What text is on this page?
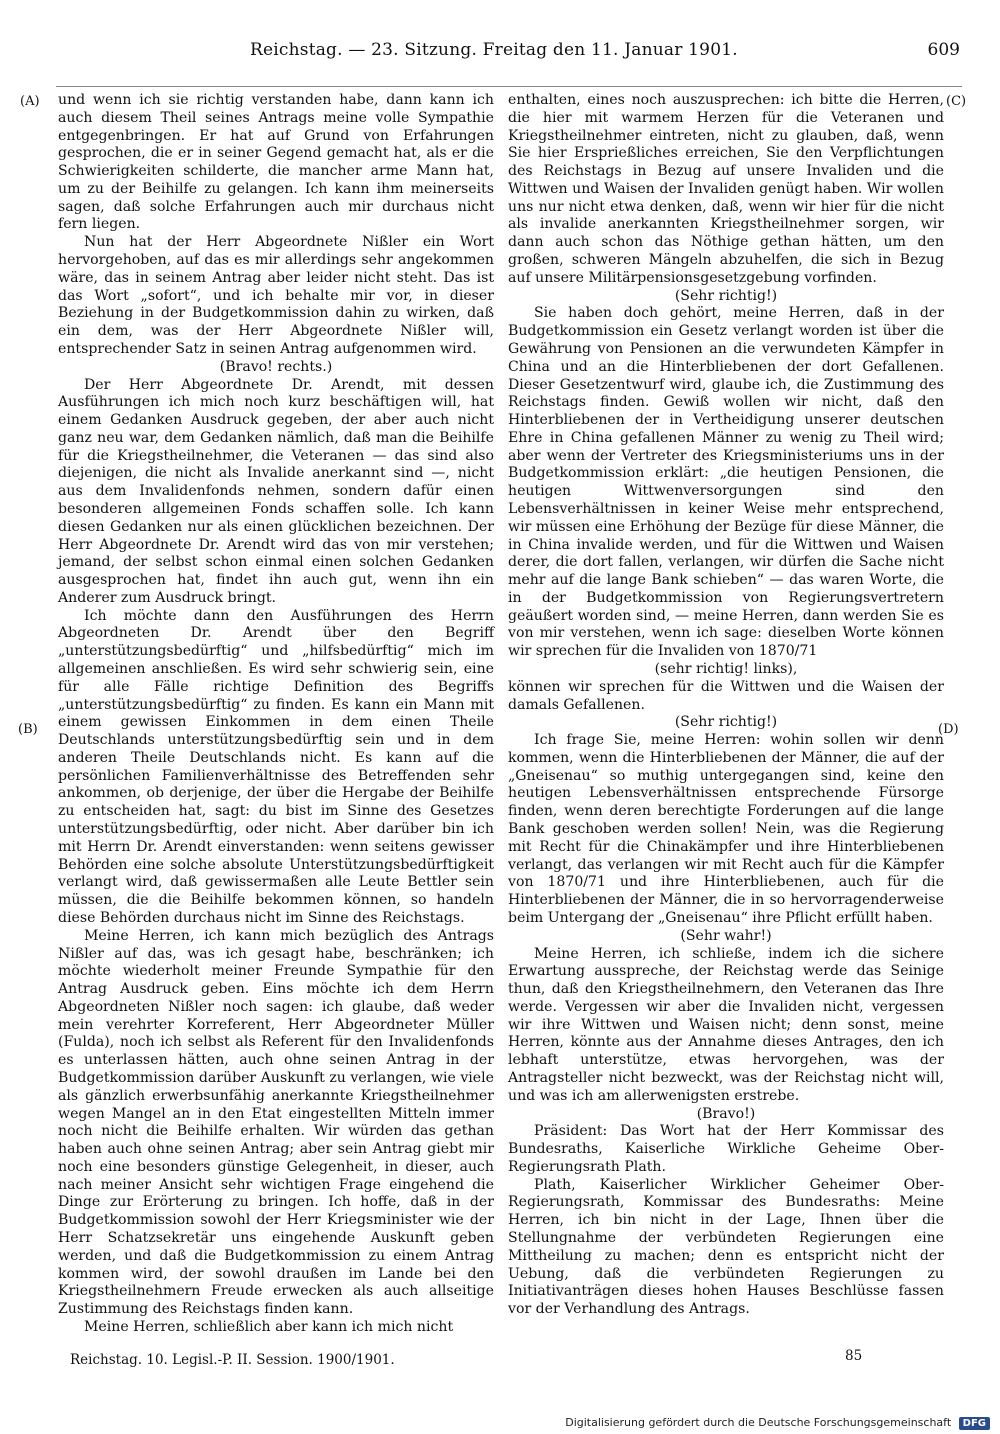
Reichstag. — 23. Sitzung. Freitag den 11. Januar 1901.	609
(A)
(B)
(C)
(D)

und wenn ich sie richtig verstanden habe, dann kann ich auch diesem Theil seines Antrags meine volle Sympathie entgegenbringen. Er hat auf Grund von Erfahrungen gesprochen, die er in seiner Gegend gemacht hat, als er die Schwierigkeiten schilderte, die mancher arme Mann hat, um zu der Beihilfe zu gelangen. Ich kann ihm meinerseits sagen, daß solche Erfahrungen auch mir durchaus nicht fern liegen.

Nun hat der Herr Abgeordnete Nißler ein Wort hervorgehoben, auf das es mir allerdings sehr angekommen wäre, das in seinem Antrag aber leider nicht steht. Das ist das Wort „sofort“, und ich behalte mir vor, in dieser Beziehung in der Budgetkommission dahin zu wirken, daß ein dem, was der Herr Abgeordnete Nißler will, entsprechender Satz in seinen Antrag aufgenommen wird.

(Bravo! rechts.)

Der Herr Abgeordnete Dr. Arendt, mit dessen Ausführungen ich mich noch kurz beschäftigen will, hat einem Gedanken Ausdruck gegeben, der aber auch nicht ganz neu war, dem Gedanken nämlich, daß man die Beihilfe für die Kriegstheilnehmer, die Veteranen — das sind also diejenigen, die nicht als Invalide anerkannt sind —, nicht aus dem Invalidenfonds nehmen, sondern dafür einen besonderen allgemeinen Fonds schaffen solle. Ich kann diesen Gedanken nur als einen glücklichen bezeichnen. Der Herr Abgeordnete Dr. Arendt wird das von mir verstehen; jemand, der selbst schon einmal einen solchen Gedanken ausgesprochen hat, findet ihn auch gut, wenn ihn ein Anderer zum Ausdruck bringt.

Ich möchte dann den Ausführungen des Herrn Abgeordneten Dr. Arendt über den Begriff „unterstützungsbedürftig“ und „hilfsbedürftig“ mich im allgemeinen anschließen. Es wird sehr schwierig sein, eine für alle Fälle richtige Definition des Begriffs „unterstützungsbedürftig“ zu finden. Es kann ein Mann mit einem gewissen Einkommen in dem einen Theile Deutschlands unterstützungsbedürftig sein und in dem anderen Theile Deutschlands nicht. Es kann auf die persönlichen Familienverhältnisse des Betreffenden sehr ankommen, ob derjenige, der über die Hergabe der Beihilfe zu entscheiden hat, sagt: du bist im Sinne des Gesetzes unterstützungsbedürftig, oder nicht. Aber darüber bin ich mit Herrn Dr. Arendt einverstanden: wenn seitens gewisser Behörden eine solche absolute Unterstützungsbedürftigkeit verlangt wird, daß gewissermaßen alle Leute Bettler sein müssen, die die Beihilfe bekommen können, so handeln diese Behörden durchaus nicht im Sinne des Reichstags.

Meine Herren, ich kann mich bezüglich des Antrags Nißler auf das, was ich gesagt habe, beschränken; ich möchte wiederholt meiner Freunde Sympathie für den Antrag Ausdruck geben. Eins möchte ich dem Herrn Abgeordneten Nißler noch sagen: ich glaube, daß weder mein verehrter Korreferent, Herr Abgeordneter Müller (Fulda), noch ich selbst als Referent für den Invalidenfonds es unterlassen hätten, auch ohne seinen Antrag in der Budgetkommission darüber Auskunft zu verlangen, wie viele als gänzlich erwerbsunfähig anerkannte Kriegstheilnehmer wegen Mangel an in den Etat eingestellten Mitteln immer noch nicht die Beihilfe erhalten. Wir würden das gethan haben auch ohne seinen Antrag; aber sein Antrag giebt mir noch eine besonders günstige Gelegenheit, in dieser, auch nach meiner Ansicht sehr wichtigen Frage eingehend die Dinge zur Erörterung zu bringen. Ich hoffe, daß in der Budgetkommission sowohl der Herr Kriegsminister wie der Herr Schatzsekretär uns eingehende Auskunft geben werden, und daß die Budgetkommission zu einem Antrag kommen wird, der sowohl draußen im Lande bei den Kriegstheilnehmern Freude erwecken als auch allseitige Zustimmung des Reichstags finden kann.

Meine Herren, schließlich aber kann ich mich nicht

enthalten, eines noch auszusprechen: ich bitte die Herren, die hier mit warmem Herzen für die Veteranen und Kriegstheilnehmer eintreten, nicht zu glauben, daß, wenn Sie hier Ersprießliches erreichen, Sie den Verpflichtungen des Reichstags in Bezug auf unsere Invaliden und die Wittwen und Waisen der Invaliden genügt haben. Wir wollen uns nur nicht etwa denken, daß, wenn wir hier für die nicht als invalide anerkannten Kriegstheilnehmer sorgen, wir dann auch schon das Nöthige gethan hätten, um den großen, schweren Mängeln abzuhelfen, die sich in Bezug auf unsere Militärpensionsgesetzgebung vorfinden.

(Sehr richtig!)

Sie haben doch gehört, meine Herren, daß in der Budgetkommission ein Gesetz verlangt worden ist über die Gewährung von Pensionen an die verwundeten Kämpfer in China und an die Hinterbliebenen der dort Gefallenen. Dieser Gesetzentwurf wird, glaube ich, die Zustimmung des Reichstags finden. Gewiß wollen wir nicht, daß den Hinterbliebenen der in Vertheidigung unserer deutschen Ehre in China gefallenen Männer zu wenig zu Theil wird; aber wenn der Vertreter des Kriegsministeriums uns in der Budgetkommission erklärt: „die heutigen Pensionen, die heutigen Wittwenversorgungen sind den Lebensverhältnissen in keiner Weise mehr entsprechend, wir müssen eine Erhöhung der Bezüge für diese Männer, die in China invalide werden, und für die Wittwen und Waisen derer, die dort fallen, verlangen, wir dürfen die Sache nicht mehr auf die lange Bank schieben“ — das waren Worte, die in der Budgetkommission von Regierungsvertretern geäußert worden sind, — meine Herren, dann werden Sie es von mir verstehen, wenn ich sage: dieselben Worte können wir sprechen für die Invaliden von 1870/71

(sehr richtig! links),

können wir sprechen für die Wittwen und die Waisen der damals Gefallenen.

(Sehr richtig!)

Ich frage Sie, meine Herren: wohin sollen wir denn kommen, wenn die Hinterbliebenen der Männer, die auf der „Gneisenau“ so muthig untergegangen sind, keine den heutigen Lebensverhältnissen entsprechende Fürsorge finden, wenn deren berechtigte Forderungen auf die lange Bank geschoben werden sollen! Nein, was die Regierung mit Recht für die Chinakämpfer und ihre Hinterbliebenen verlangt, das verlangen wir mit Recht auch für die Kämpfer von 1870/71 und ihre Hinterbliebenen, auch für die Hinterbliebenen der Männer, die in so hervorragenderweise beim Untergang der „Gneisenau“ ihre Pflicht erfüllt haben.

(Sehr wahr!)

Meine Herren, ich schließe, indem ich die sichere Erwartung ausspreche, der Reichstag werde das Seinige thun, daß den Kriegstheilnehmern, den Veteranen das Ihre werde. Vergessen wir aber die Invaliden nicht, vergessen wir ihre Wittwen und Waisen nicht; denn sonst, meine Herren, könnte aus der Annahme dieses Antrages, den ich lebhaft unterstütze, etwas hervorgehen, was der Antragsteller nicht bezweckt, was der Reichstag nicht will, und was ich am allerwenigsten erstrebe.

(Bravo!)

Präsident: Das Wort hat der Herr Kommissar des Bundesraths, Kaiserliche Wirkliche Geheime Ober-Regierungsrath Plath.

Plath, Kaiserlicher Wirklicher Geheimer Ober-Regierungsrath, Kommissar des Bundesraths: Meine Herren, ich bin nicht in der Lage, Ihnen über die Stellungnahme der verbündeten Regierungen eine Mittheilung zu machen; denn es entspricht nicht der Uebung, daß die verbündeten Regierungen zu Initiativanträgen dieses hohen Hauses Beschlüsse fassen vor der Verhandlung des Antrags.

Reichstag. 10. Legisl.-P. II. Session. 1900/1901.	85
Digitalisierung gefördert durch die Deutsche Forschungsgemeinschaft DFG
